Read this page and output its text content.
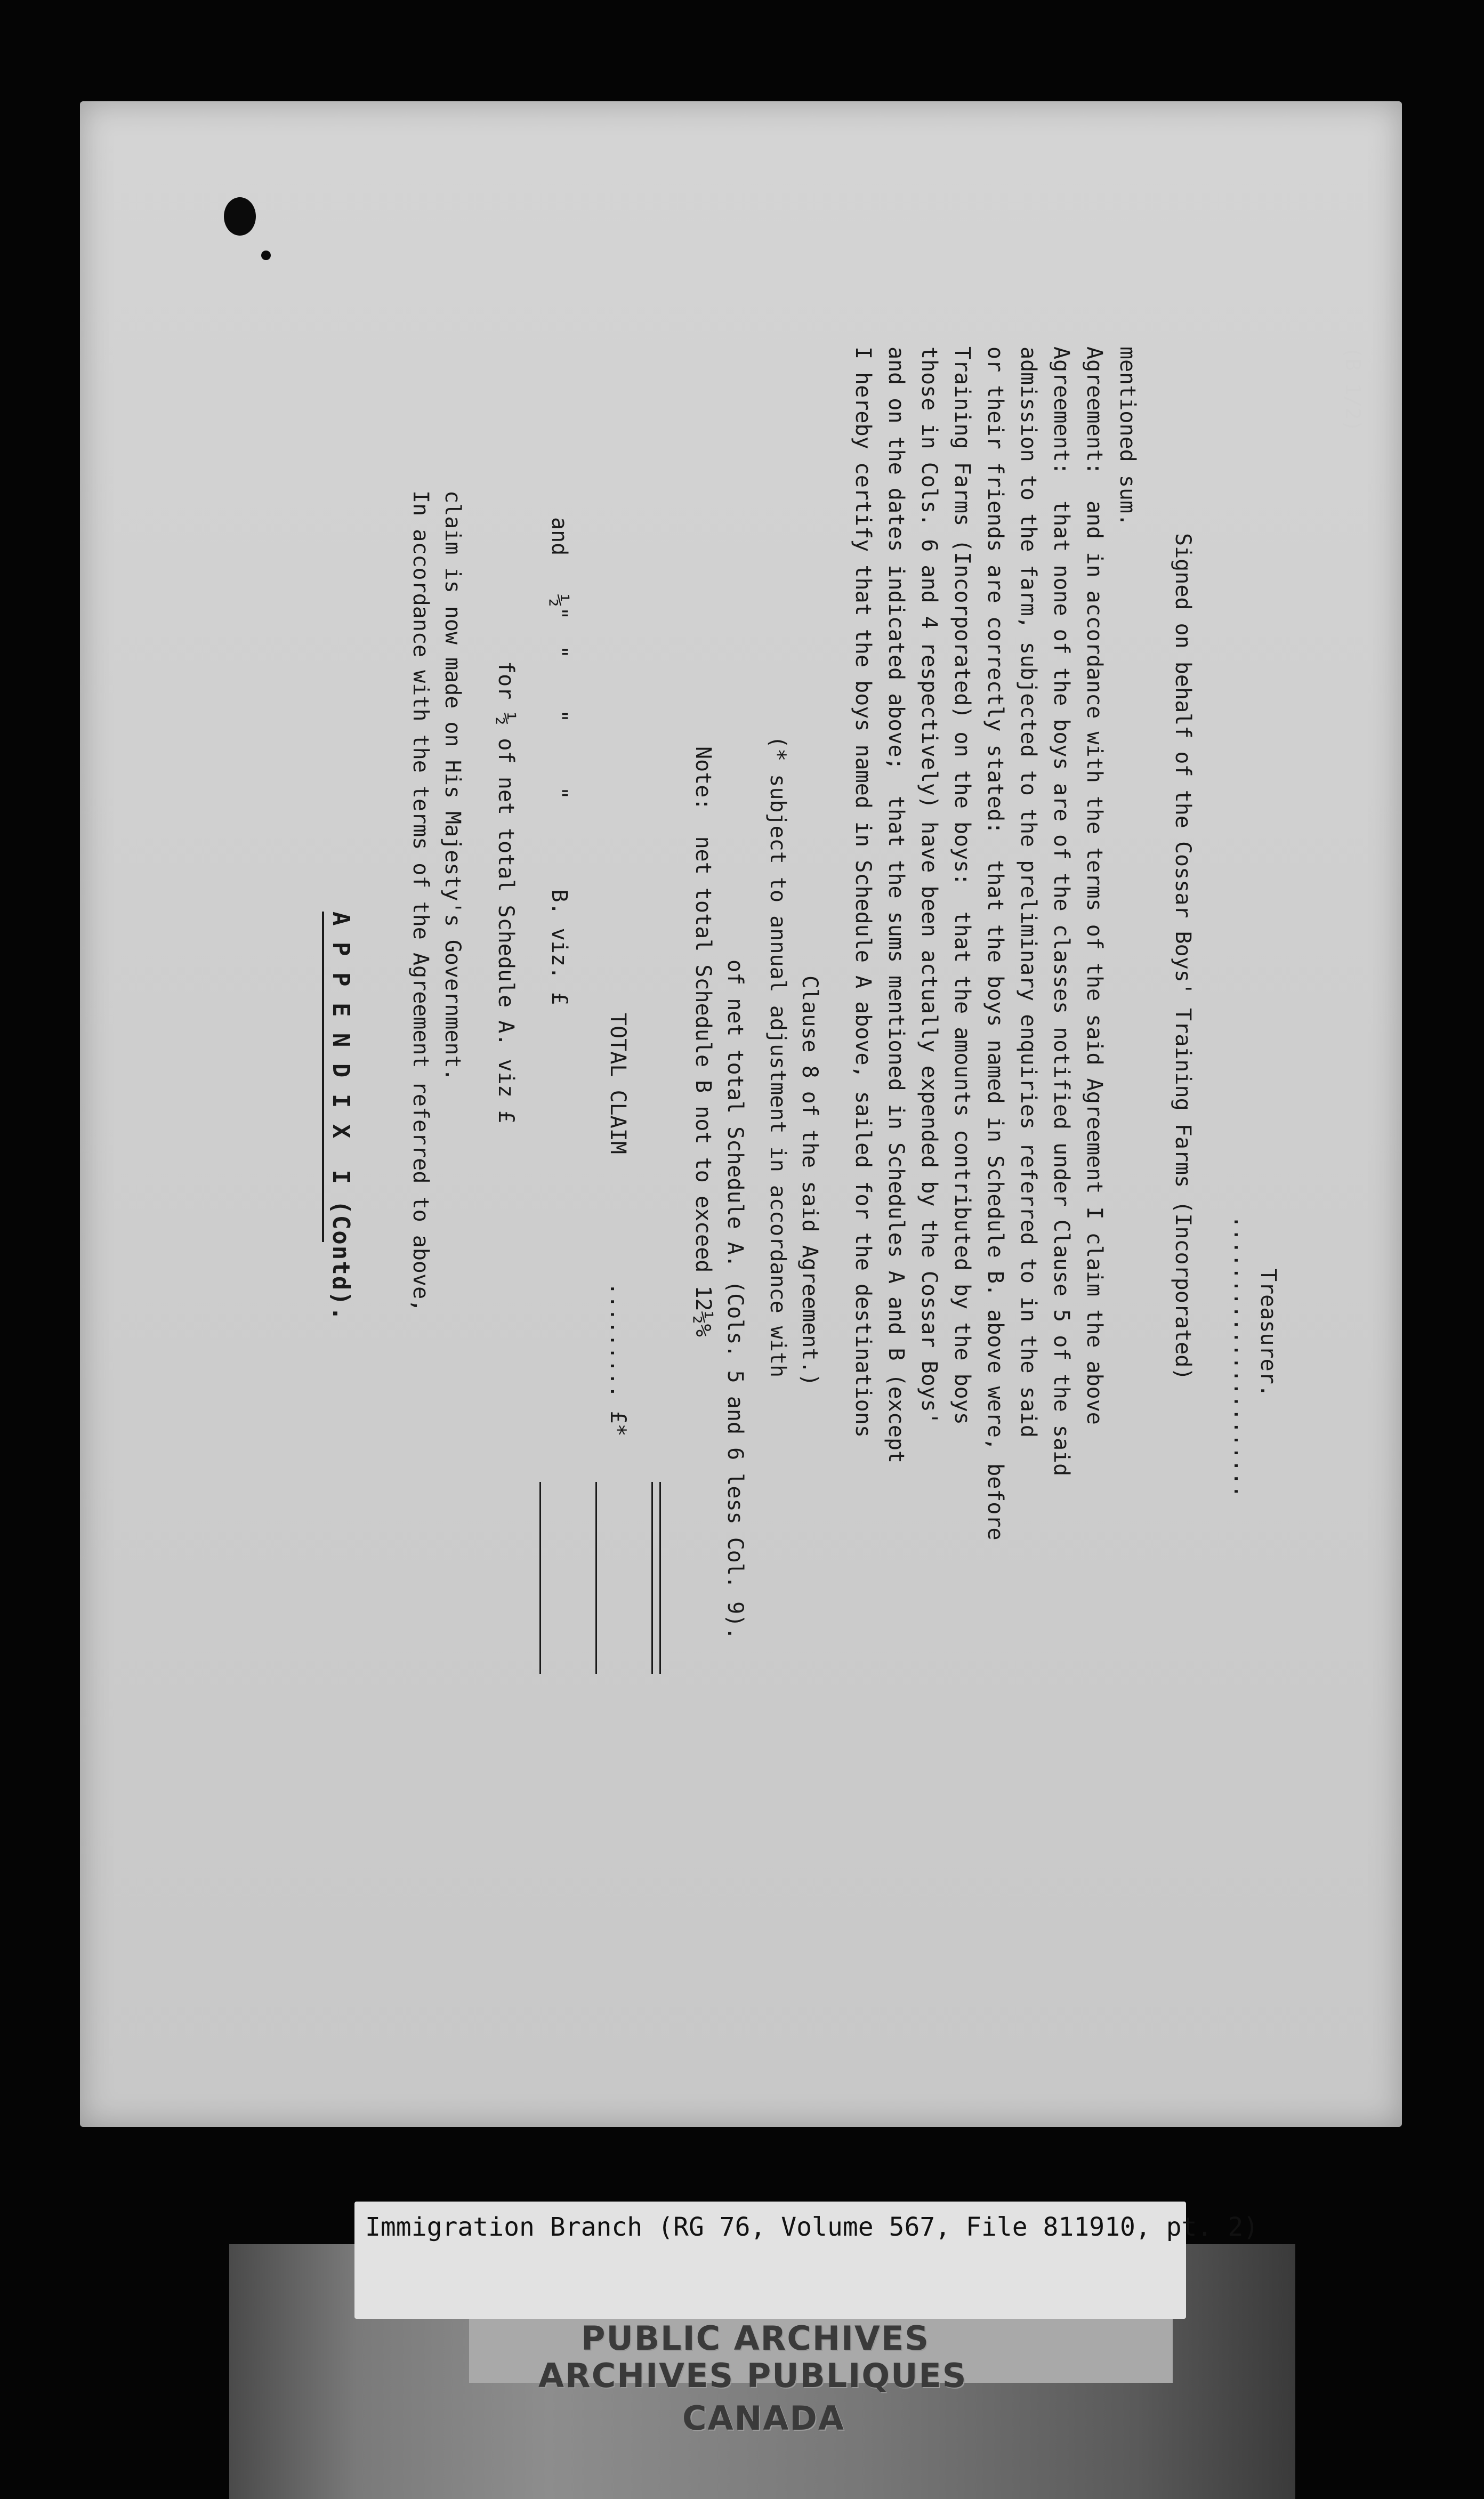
(B 1/2)
A P P E N D I X  I (Contd).	In accordance with the terms of the Agreement referred to above, claim is now made on His Majesty's Government. for ½ of net total Schedule A. viz £ and   ½"  "    "     "       B. viz. £
TOTAL CLAIM          ......... £*	Note:  net total Schedule B not to exceed 12½% of net total Schedule A. (Cols. 5 and 6 less Col. 9). (* subject to annual adjustment in accordance with Clause 8 of the said Agreement.) I hereby certify that the boys named in Schedule A above, sailed for the destinations and on the dates indicated above;  that the sums mentioned in Schedules A and B (except those in Cols. 6 and 4 respectively) have been actually expended by the Cossar Boys' Training Farms (Incorporated) on the boys:  that the amounts contributed by the boys or their friends are correctly stated:  that the boys named in Schedule B. above were, before admission to the farm, subjected to the preliminary enquiries referred to in the said Agreement:  that none of the boys are of the classes notified under Clause 5 of the said Agreement:  and in accordance with the terms of the said Agreement I claim the above mentioned sum.
Signed on behalf of the Cossar Boys' Training Farms (Incorporated) ...................... Treasurer.
Immigration Branch (RG 76, Volume 567, File 811910, pt. 2)
PUBLIC ARCHIVES
ARCHIVES PUBLIQUES
CANADA
